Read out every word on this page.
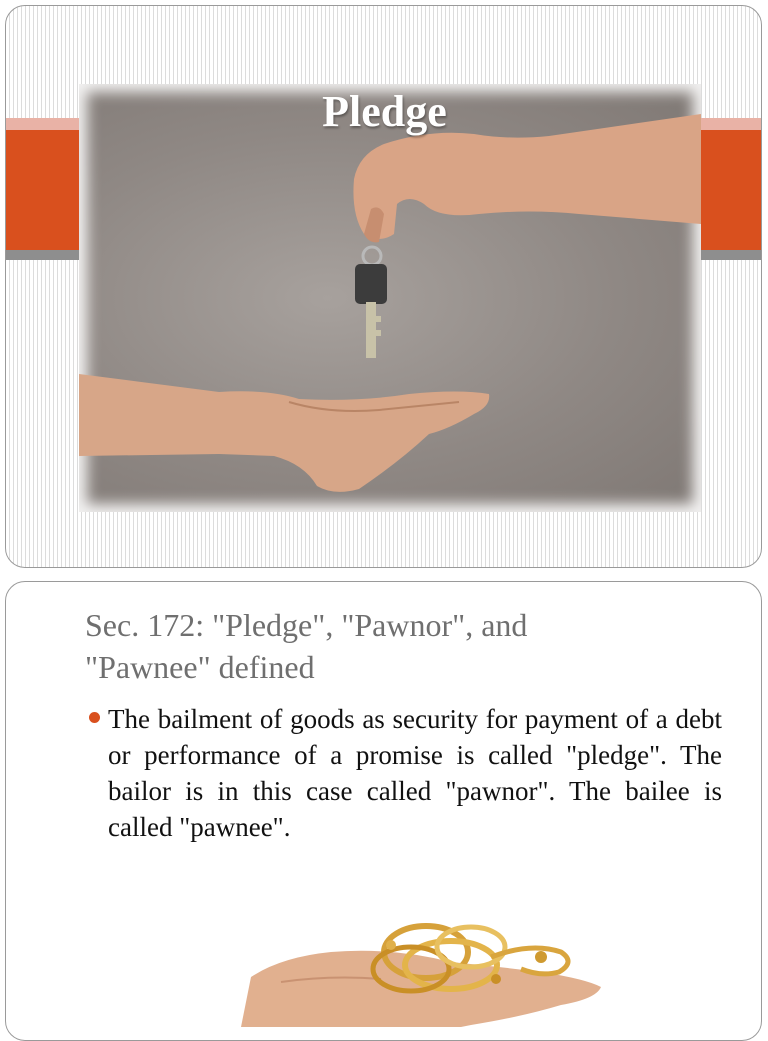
Pledge
Sec. 172: "Pledge", "Pawnor", and "Pawnee" defined
The bailment of goods as security for payment of a debt or performance of a promise is called "pledge". The bailor is in this case called "pawnor". The bailee is called "pawnee".
